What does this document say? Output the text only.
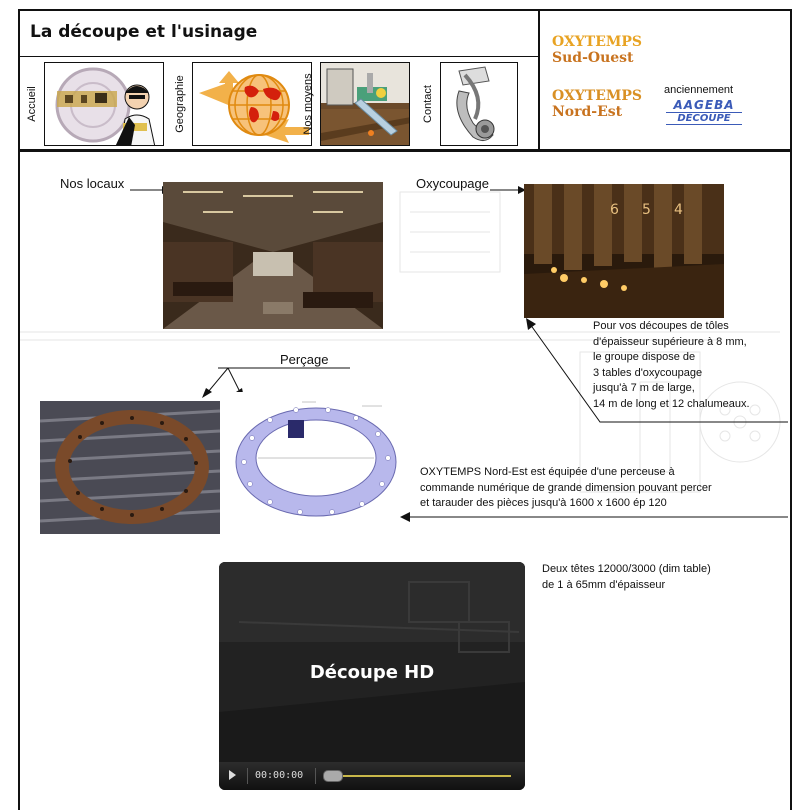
La découpe et l'usinage
Accueil	Geographie	Nos moyens	Contact
OXYTEMPS
Sud-Ouest
OXYTEMPS
Nord-Est
anciennement
AAGEBA
DÉCOUPE
Nos locaux	Oxycoupage
6 5 4
Pour vos découpes de tôles
d'épaisseur supérieure à 8 mm,
le groupe dispose de
3 tables d'oxycoupage
jusqu'à 7 m de large,
14 m de long et 12 chalumeaux.
Perçage
OXYTEMPS Nord-Est est équipée d'une perceuse à
commande numérique de grande dimension pouvant percer
et tarauder des pièces jusqu'à 1600 x 1600 ép 120
Deux têtes 12000/3000 (dim table)
de 1 à 65mm d'épaisseur
Découpe HD
00:00:00
